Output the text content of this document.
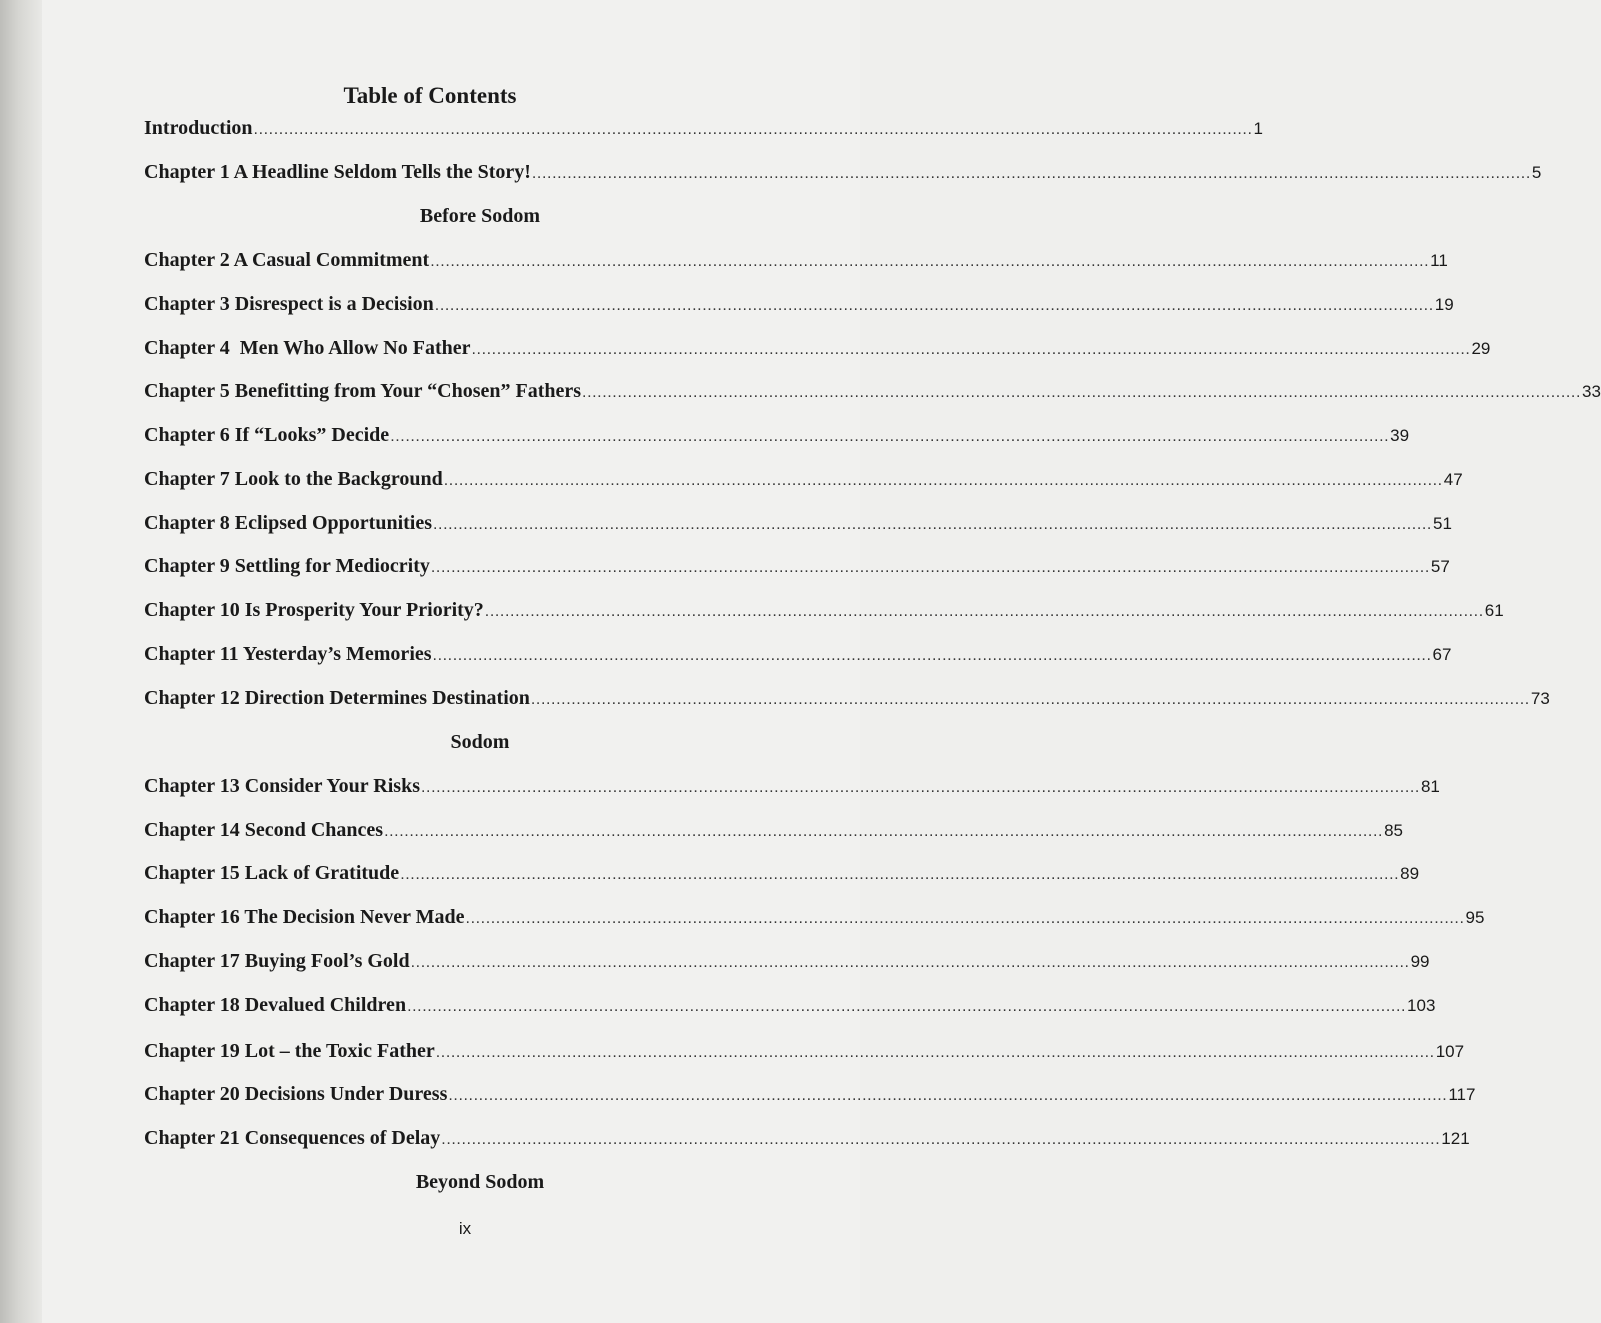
Table of Contents
Introduction ...................................................................................................................................................................................................... 1
Chapter 1 A Headline Seldom Tells the Story! ...................................................................................................................................................................................................... 5
Before Sodom
Chapter 2 A Casual Commitment ...................................................................................................................................................................................................... 11
Chapter 3 Disrespect is a Decision ...................................................................................................................................................................................................... 19
Chapter 4  Men Who Allow No Father ...................................................................................................................................................................................................... 29
Chapter 5 Benefitting from Your “Chosen” Fathers ...................................................................................................................................................................................................... 33
Chapter 6 If “Looks” Decide ...................................................................................................................................................................................................... 39
Chapter 7 Look to the Background ...................................................................................................................................................................................................... 47
Chapter 8 Eclipsed Opportunities ...................................................................................................................................................................................................... 51
Chapter 9 Settling for Mediocrity ...................................................................................................................................................................................................... 57
Chapter 10 Is Prosperity Your Priority? ...................................................................................................................................................................................................... 61
Chapter 11 Yesterday’s Memories ...................................................................................................................................................................................................... 67
Chapter 12 Direction Determines Destination ...................................................................................................................................................................................................... 73
Sodom
Chapter 13 Consider Your Risks ...................................................................................................................................................................................................... 81
Chapter 14 Second Chances ...................................................................................................................................................................................................... 85
Chapter 15 Lack of Gratitude ...................................................................................................................................................................................................... 89
Chapter 16 The Decision Never Made ...................................................................................................................................................................................................... 95
Chapter 17 Buying Fool’s Gold ...................................................................................................................................................................................................... 99
Chapter 18 Devalued Children ...................................................................................................................................................................................................... 103
Chapter 19 Lot – the Toxic Father ...................................................................................................................................................................................................... 107
Chapter 20 Decisions Under Duress ...................................................................................................................................................................................................... 117
Chapter 21 Consequences of Delay ...................................................................................................................................................................................................... 121
Beyond Sodom
ix
